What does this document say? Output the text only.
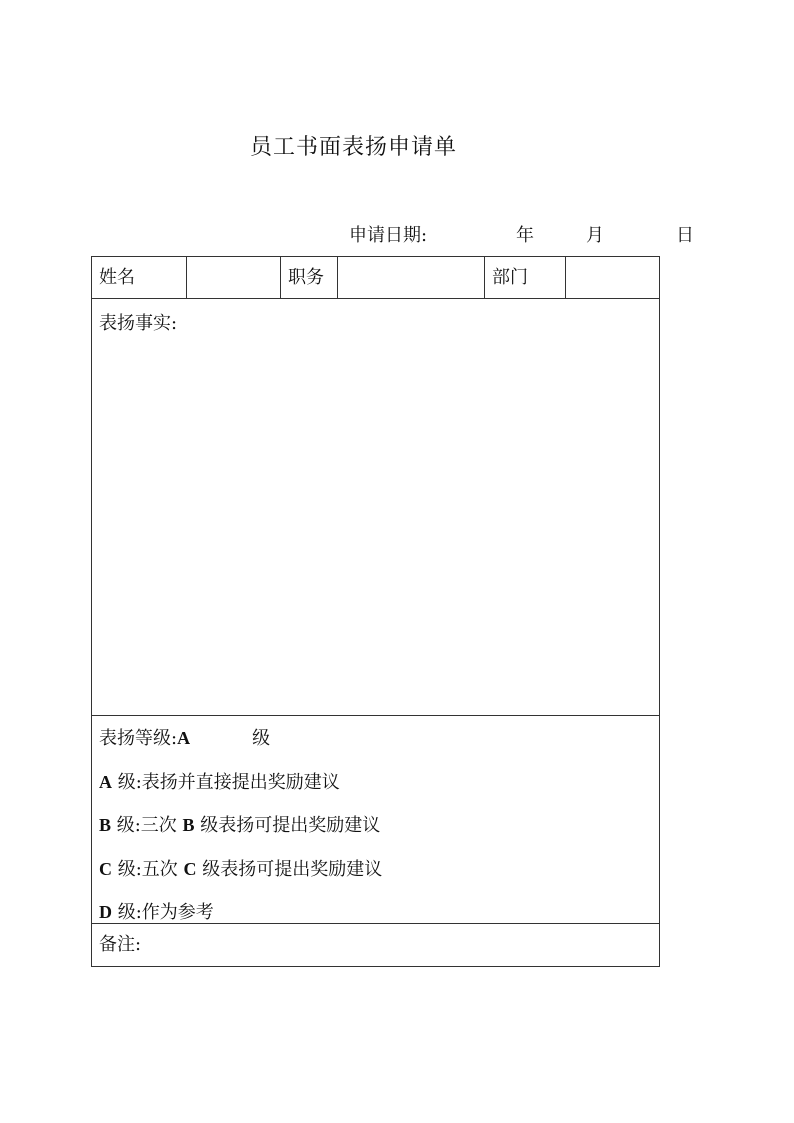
员工书面表扬申请单
申请日期:	年	月	日
姓名	职务	部门
表扬事实:
表扬等级:A	级
A 级:表扬并直接提出奖励建议
B 级:三次 B 级表扬可提出奖励建议
C 级:五次 C 级表扬可提出奖励建议
D 级:作为参考
备注:
